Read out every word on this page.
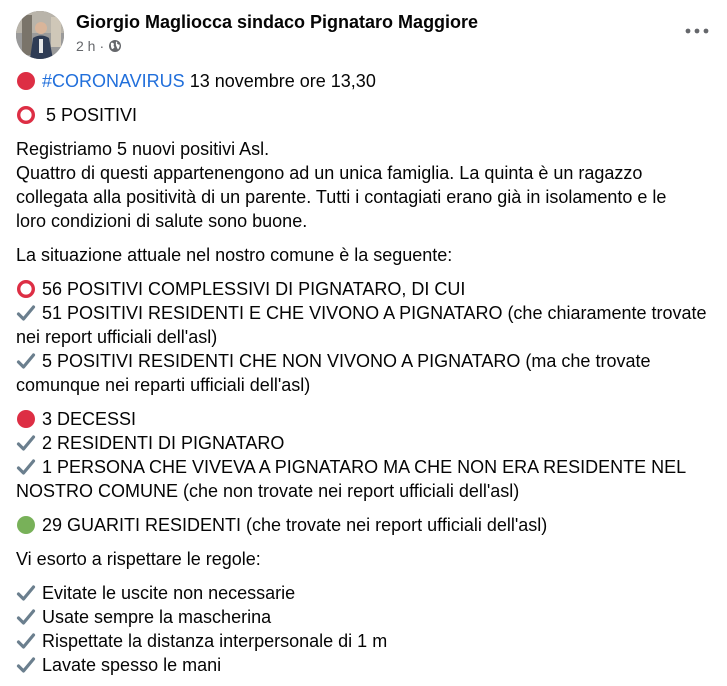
Giorgio Magliocca sindaco Pignataro Maggiore
2 h ·
#CORONAVIRUS 13 novembre ore 13,30
5 POSITIVI
Registriamo 5 nuovi positivi Asl.
Quattro di questi appartenengono ad un unica famiglia. La quinta è un ragazzo
collegata alla positività di un parente. Tutti i contagiati erano già in isolamento e le
loro condizioni di salute sono buone.
La situazione attuale nel nostro comune è la seguente:
56 POSITIVI COMPLESSIVI DI PIGNATARO, DI CUI
51 POSITIVI RESIDENTI E CHE VIVONO A PIGNATARO (che chiaramente trovate
nei report ufficiali dell'asl)
5 POSITIVI RESIDENTI CHE NON VIVONO A PIGNATARO (ma che trovate
comunque nei reparti ufficiali dell'asl)
3 DECESSI
2 RESIDENTI DI PIGNATARO
1 PERSONA CHE VIVEVA A PIGNATARO MA CHE NON ERA RESIDENTE NEL
NOSTRO COMUNE (che non trovate nei report ufficiali dell'asl)
29 GUARITI RESIDENTI (che trovate nei report ufficiali dell'asl)
Vi esorto a rispettare le regole:
Evitate le uscite non necessarie
Usate sempre la mascherina
Rispettate la distanza interpersonale di 1 m
Lavate spesso le mani
